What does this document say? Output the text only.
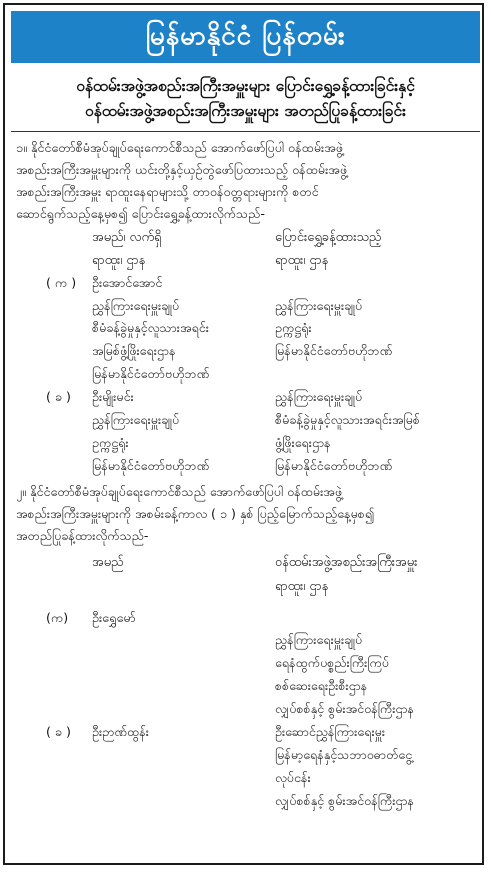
မြန်မာနိုင်ငံ ပြန်တမ်း
ဝန်ထမ်းအဖွဲ့အစည်းအကြီးအမှူးများ ပြောင်းရွှေ့ခန့်ထားခြင်းနှင့်
ဝန်ထမ်းအဖွဲ့အစည်းအကြီးအမှူးများ အတည်ပြုခန့်ထားခြင်း
၁။ နိုင်ငံတော်စီမံအုပ်ချုပ်ရေးကောင်စီသည် အောက်ဖော်ပြပါ ဝန်ထမ်းအဖွဲ့
အစည်းအကြီးအမှူးများကို ယင်းတို့နှင့်ယှဉ်တွဲဖော်ပြထားသည့် ဝန်ထမ်းအဖွဲ့
အစည်းအကြီးအမှူး ရာထူးနေရာများသို့ တာဝန်ဝတ္တရားများကို စတင်
ဆောင်ရွက်သည့်နေ့မှစ၍ ပြောင်းရွှေ့ခန့်ထားလိုက်သည်-
အမည်၊ လက်ရှိ
ရာထူး၊ ဌာန
ပြောင်းရွှေ့ခန့်ထားသည့်
ရာထူး၊ ဌာန
( က ) ဦးအောင်အောင်
ညွှန်ကြားရေးမှူးချုပ်
စီမံခန့်ခွဲမှုနှင့်လူသားအရင်း
အမြစ်ဖွံ့ဖြိုးရေးဌာန
မြန်မာနိုင်ငံတော်ဗဟိုဘဏ်
ညွှန်ကြားရေးမှူးချုပ်
ဥက္ကဋ္ဌရုံး
မြန်မာနိုင်ငံတော်ဗဟိုဘဏ်
( ခ ) ဦးမျိုးမင်း
ညွှန်ကြားရေးမှူးချုပ်
ဥက္ကဋ္ဌရုံး
မြန်မာနိုင်ငံတော်ဗဟိုဘဏ်
ညွှန်ကြားရေးမှူးချုပ်
စီမံခန့်ခွဲမှုနှင့်လူသားအရင်းအမြစ်
ဖွံ့ဖြိုးရေးဌာန
မြန်မာနိုင်ငံတော်ဗဟိုဘဏ်
၂။ နိုင်ငံတော်စီမံအုပ်ချုပ်ရေးကောင်စီသည် အောက်ဖော်ပြပါ ဝန်ထမ်းအဖွဲ့
အစည်းအကြီးအမှူးများကို အစမ်းခန့်ကာလ ( ၁ ) နှစ် ပြည့်မြောက်သည့်နေ့မှစ၍
အတည်ပြုခန့်ထားလိုက်သည်-
အမည်	ဝန်ထမ်းအဖွဲ့အစည်းအကြီးအမှူး
ရာထူး၊ ဌာန
(က) ဦးရွှေမော်
ညွှန်ကြားရေးမှူးချုပ်
ရေနံထွက်ပစ္စည်းကြီးကြပ်
စစ်ဆေးရေးဦးစီးဌာန
လျှပ်စစ်နှင့် စွမ်းအင်ဝန်ကြီးဌာန
( ခ ) ဦးဉာဏ်ထွန်း	ဦးဆောင်ညွှန်ကြားရေးမှူး
မြန်မာ့ရေနံနှင့်သဘာဝဓာတ်ငွေ့
လုပ်ငန်း
လျှပ်စစ်နှင့် စွမ်းအင်ဝန်ကြီးဌာန
